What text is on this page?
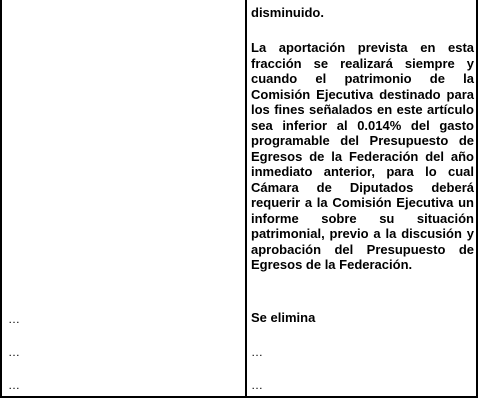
…
…
…

disminuido.

La aportación prevista en esta fracción se realizará siempre y cuando el patrimonio de la Comisión Ejecutiva destinado para los fines señalados en este artículo sea inferior al 0.014% del gasto programable del Presupuesto de Egresos de la Federación del año inmediato anterior, para lo cual Cámara de Diputados deberá requerir a la Comisión Ejecutiva un informe sobre su situación patrimonial, previo a la discusión y aprobación del Presupuesto de Egresos de la Federación.

Se elimina

…
…
